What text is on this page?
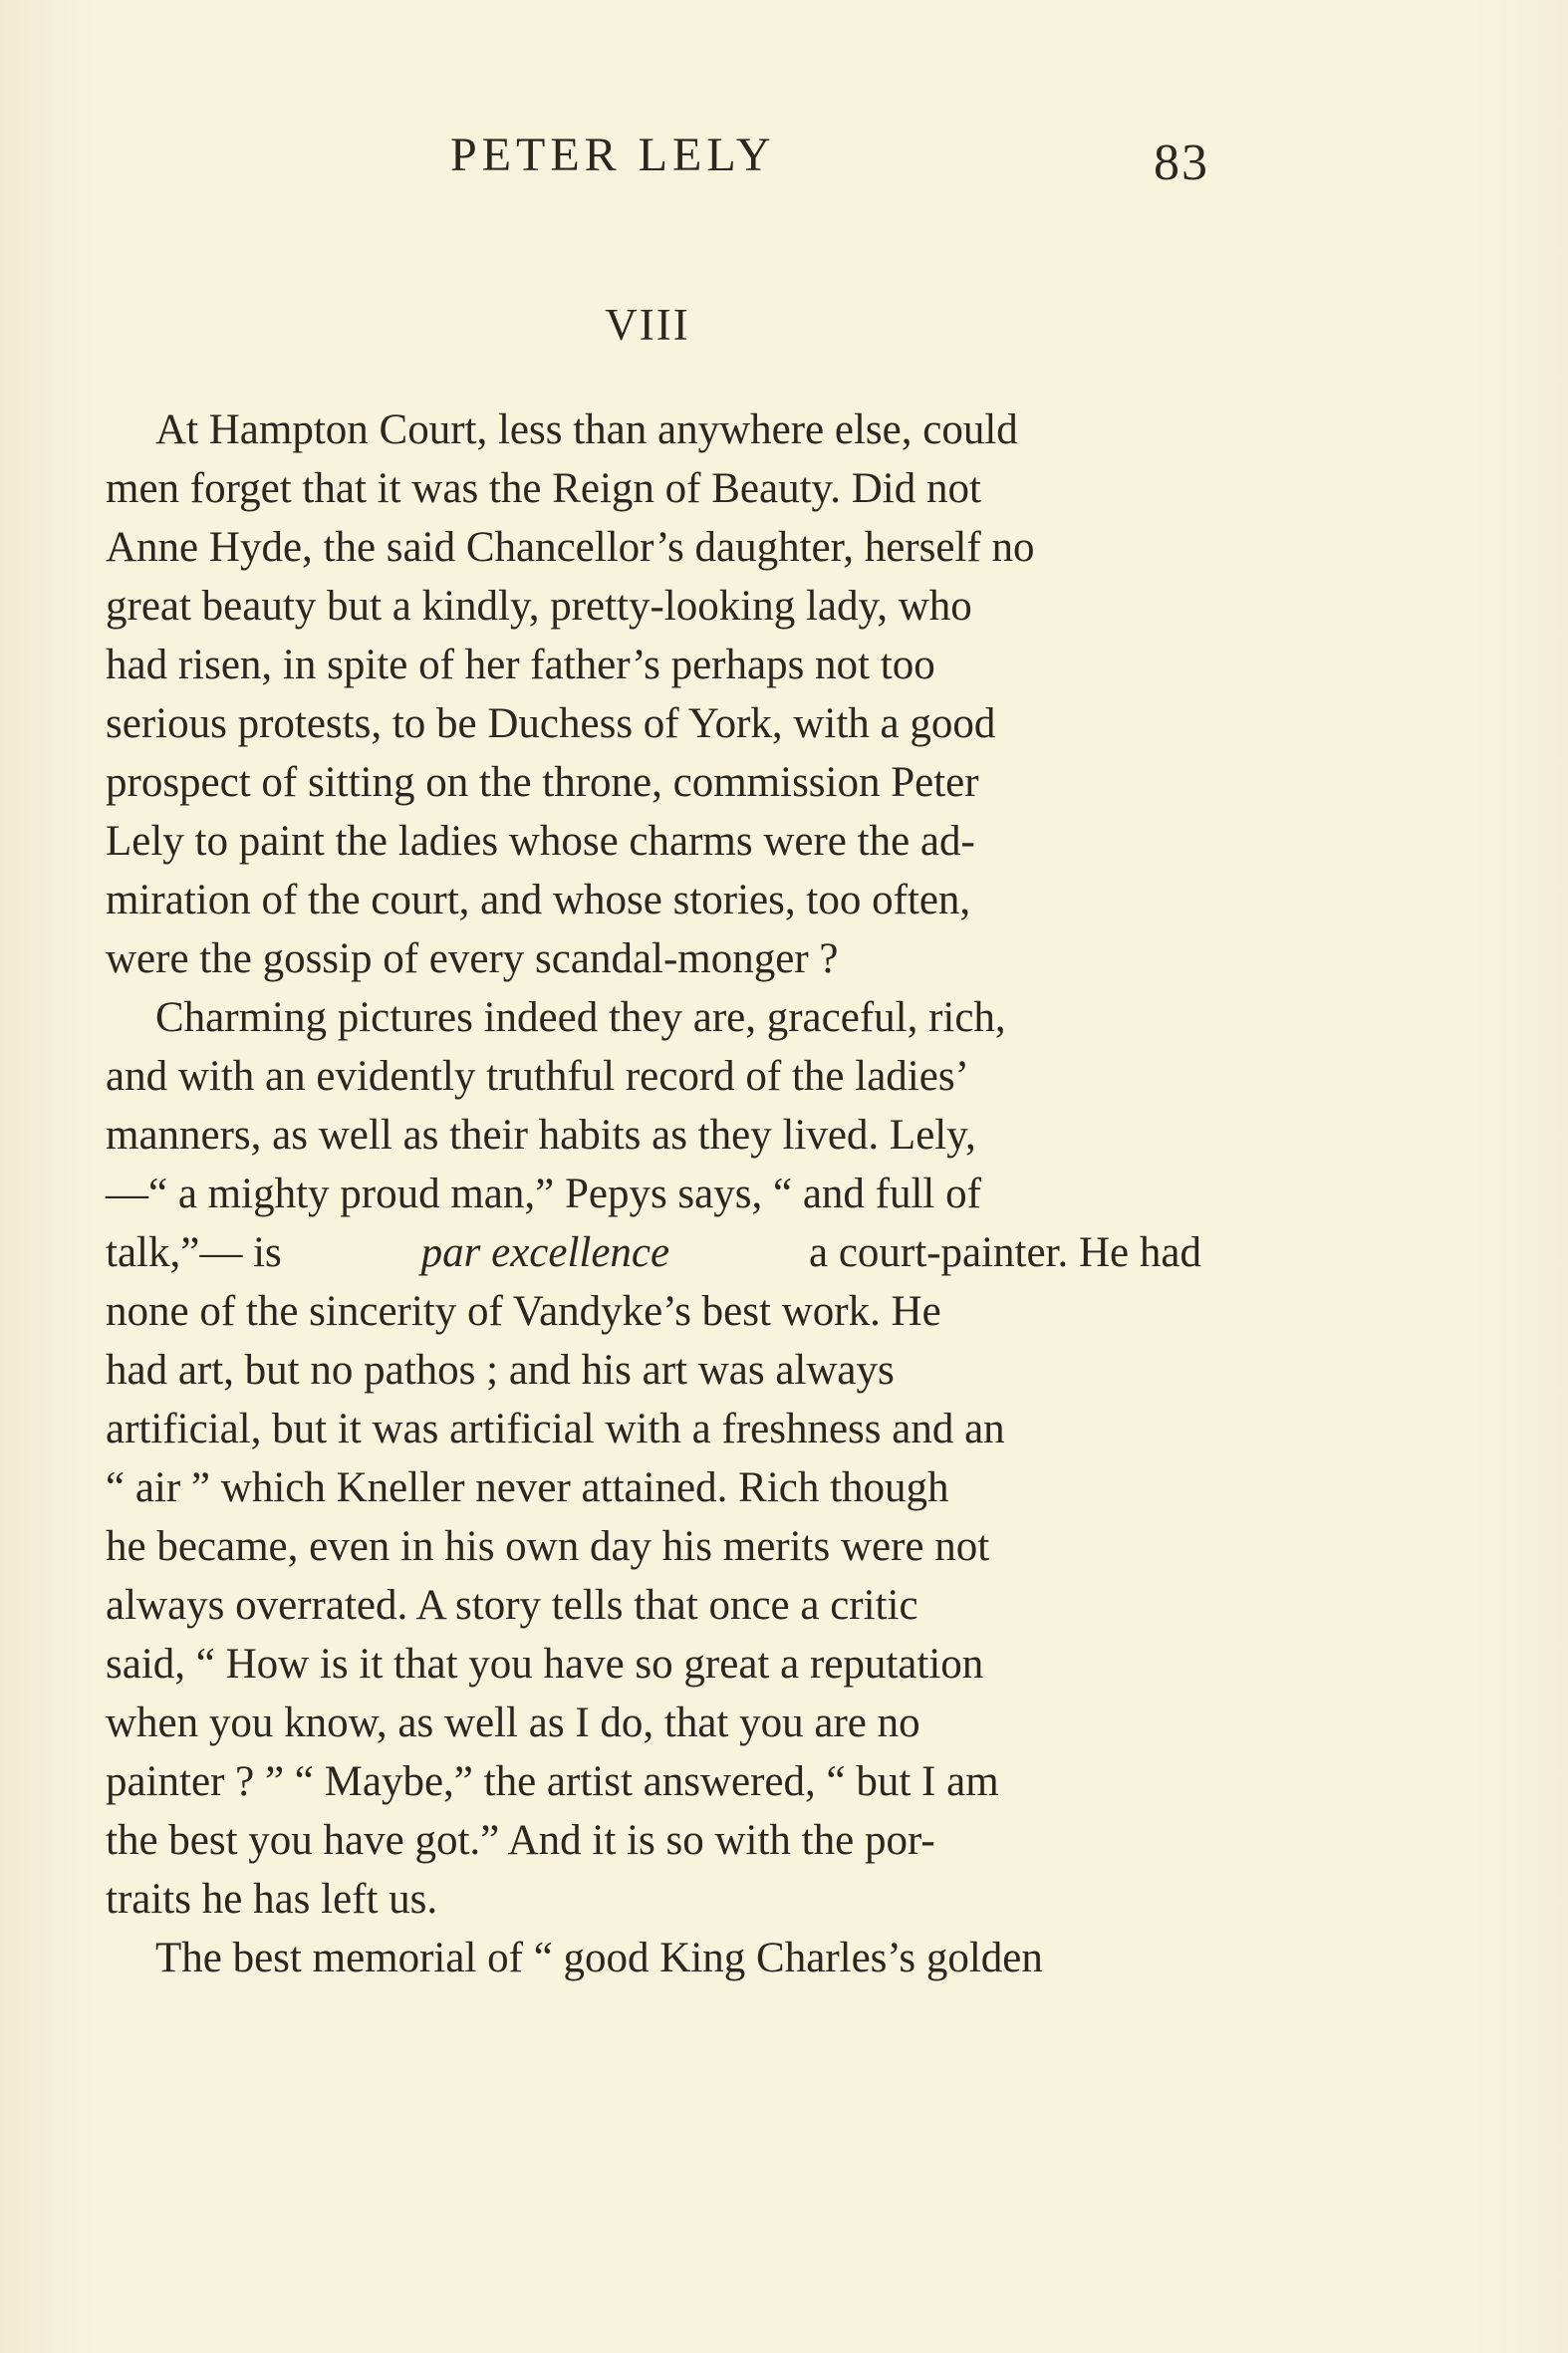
PETER LELY	83
VIII
At Hampton Court, less than anywhere else, could
men forget that it was the Reign of Beauty. Did not
Anne Hyde, the said Chancellor’s daughter, herself no
great beauty but a kindly, pretty-looking lady, who
had risen, in spite of her father’s perhaps not too
serious protests, to be Duchess of York, with a good
prospect of sitting on the throne, commission Peter
Lely to paint the ladies whose charms were the ad-
miration of the court, and whose stories, too often,
were the gossip of every scandal-monger ?
Charming pictures indeed they are, graceful, rich,
and with an evidently truthful record of the ladies’
manners, as well as their habits as they lived. Lely,
—“ a mighty proud man,” Pepys says, “ and full of
talk,”— is	par excellence	a court-painter. He had
none of the sincerity of Vandyke’s best work. He
had art, but no pathos ; and his art was always
artificial, but it was artificial with a freshness and an
“ air ” which Kneller never attained. Rich though
he became, even in his own day his merits were not
always overrated. A story tells that once a critic
said, “ How is it that you have so great a reputation
when you know, as well as I do, that you are no
painter ? ” “ Maybe,” the artist answered, “ but I am
the best you have got.” And it is so with the por-
traits he has left us.
The best memorial of “ good King Charles’s golden
